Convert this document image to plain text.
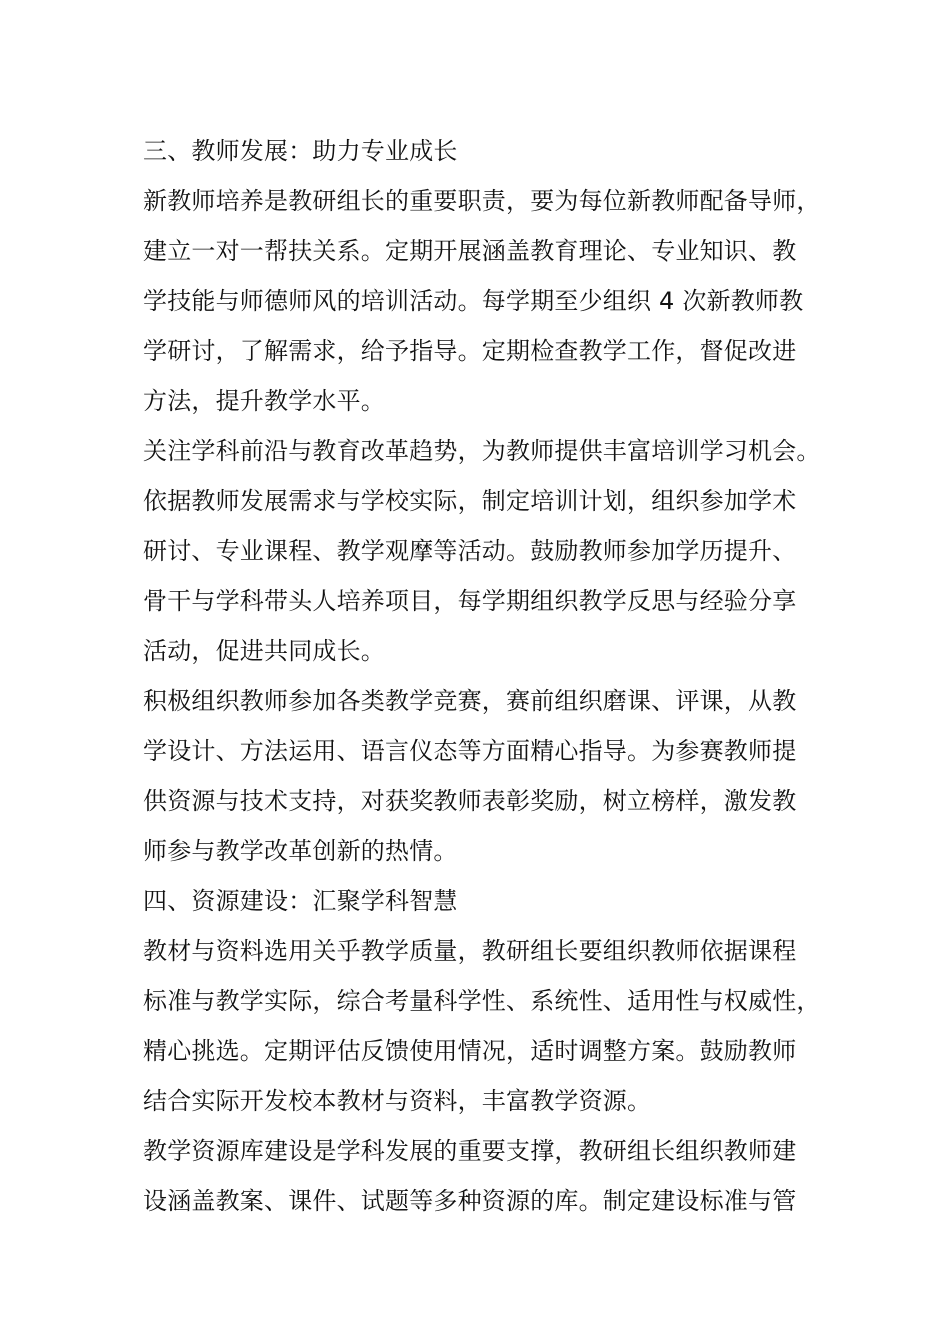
三、教师发展：助力专业成长
新教师培养是教研组长的重要职责，要为每位新教师配备导师，
建立一对一帮扶关系。定期开展涵盖教育理论、专业知识、教
学技能与师德师风的培训活动。每学期至少组织 4 次新教师教
学研讨，了解需求，给予指导。定期检查教学工作，督促改进
方法，提升教学水平。
关注学科前沿与教育改革趋势，为教师提供丰富培训学习机会。
依据教师发展需求与学校实际，制定培训计划，组织参加学术
研讨、专业课程、教学观摩等活动。鼓励教师参加学历提升、
骨干与学科带头人培养项目，每学期组织教学反思与经验分享
活动，促进共同成长。
积极组织教师参加各类教学竞赛，赛前组织磨课、评课，从教
学设计、方法运用、语言仪态等方面精心指导。为参赛教师提
供资源与技术支持，对获奖教师表彰奖励，树立榜样，激发教
师参与教学改革创新的热情。
四、资源建设：汇聚学科智慧
教材与资料选用关乎教学质量，教研组长要组织教师依据课程
标准与教学实际，综合考量科学性、系统性、适用性与权威性，
精心挑选。定期评估反馈使用情况，适时调整方案。鼓励教师
结合实际开发校本教材与资料，丰富教学资源。
教学资源库建设是学科发展的重要支撑，教研组长组织教师建
设涵盖教案、课件、试题等多种资源的库。制定建设标准与管
